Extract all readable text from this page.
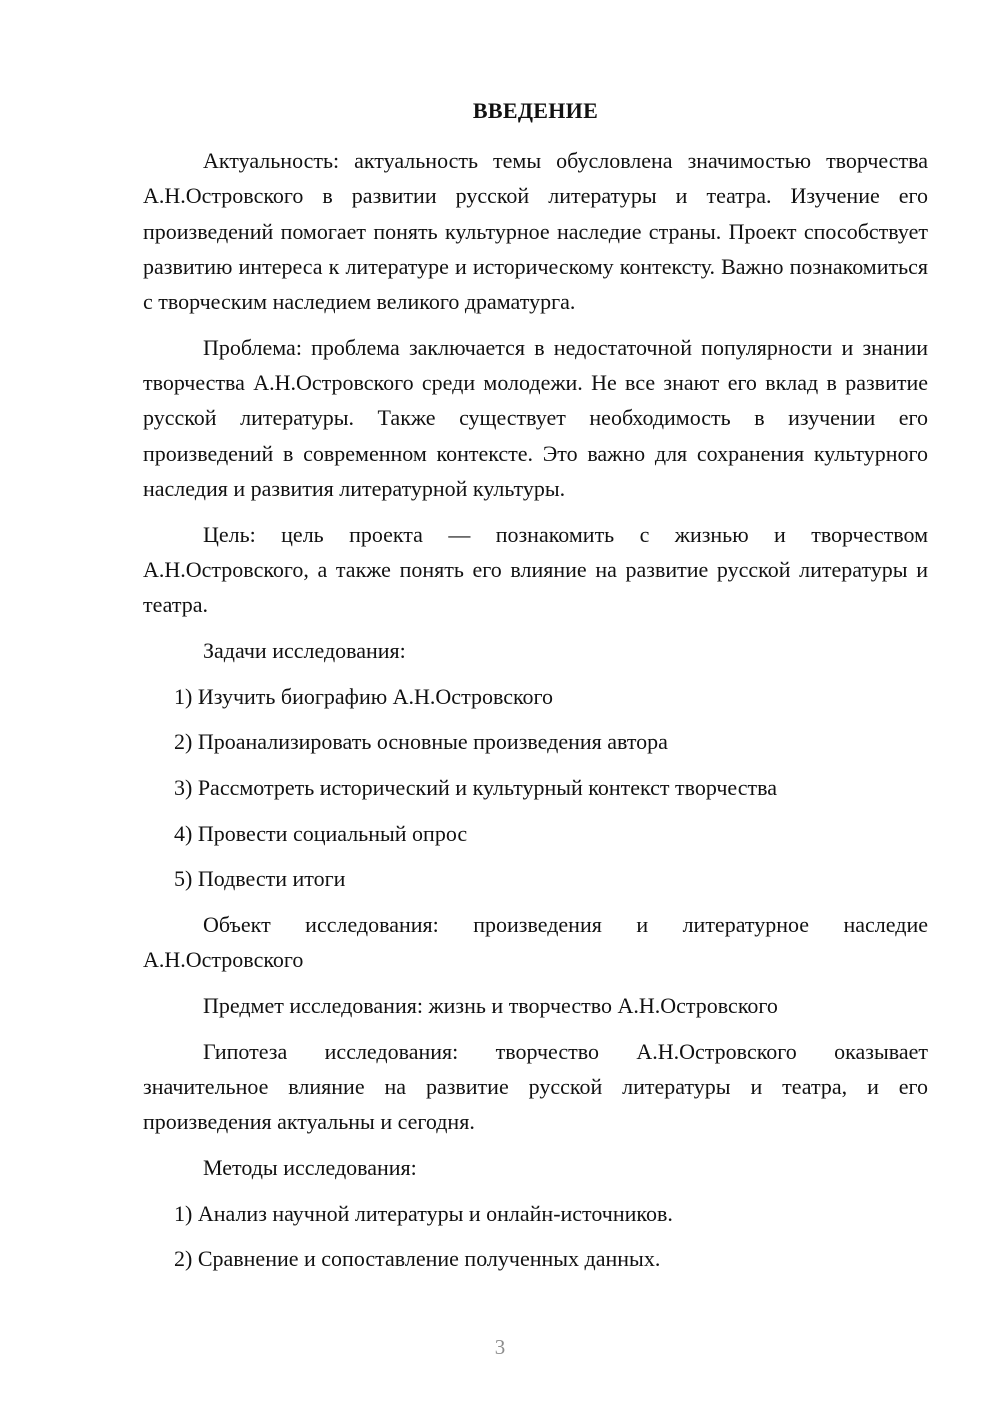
ВВЕДЕНИЕ

Актуальность: актуальность темы обусловлена значимостью творчества А.Н.Островского в развитии русской литературы и театра. Изучение его произведений помогает понять культурное наследие страны. Проект способствует развитию интереса к литературе и историческому контексту. Важно познакомиться с творческим наследием великого драматурга.

Проблема: проблема заключается в недостаточной популярности и знании творчества А.Н.Островского среди молодежи. Не все знают его вклад в развитие русской литературы. Также существует необходимость в изучении его произведений в современном контексте. Это важно для сохранения культурного наследия и развития литературной культуры.

Цель: цель проекта — познакомить с жизнью и творчеством А.Н.Островского, а также понять его влияние на развитие русской литературы и театра.

Задачи исследования:

1) Изучить биографию А.Н.Островского

2) Проанализировать основные произведения автора

3) Рассмотреть исторический и культурный контекст творчества

4) Провести социальный опрос

5) Подвести итоги

Объект исследования: произведения и литературное наследие А.Н.Островского

Предмет исследования: жизнь и творчество А.Н.Островского

Гипотеза исследования: творчество А.Н.Островского оказывает значительное влияние на развитие русской литературы и театра, и его произведения актуальны и сегодня.

Методы исследования:

1) Анализ научной литературы и онлайн-источников.

2) Сравнение и сопоставление полученных данных.

3
